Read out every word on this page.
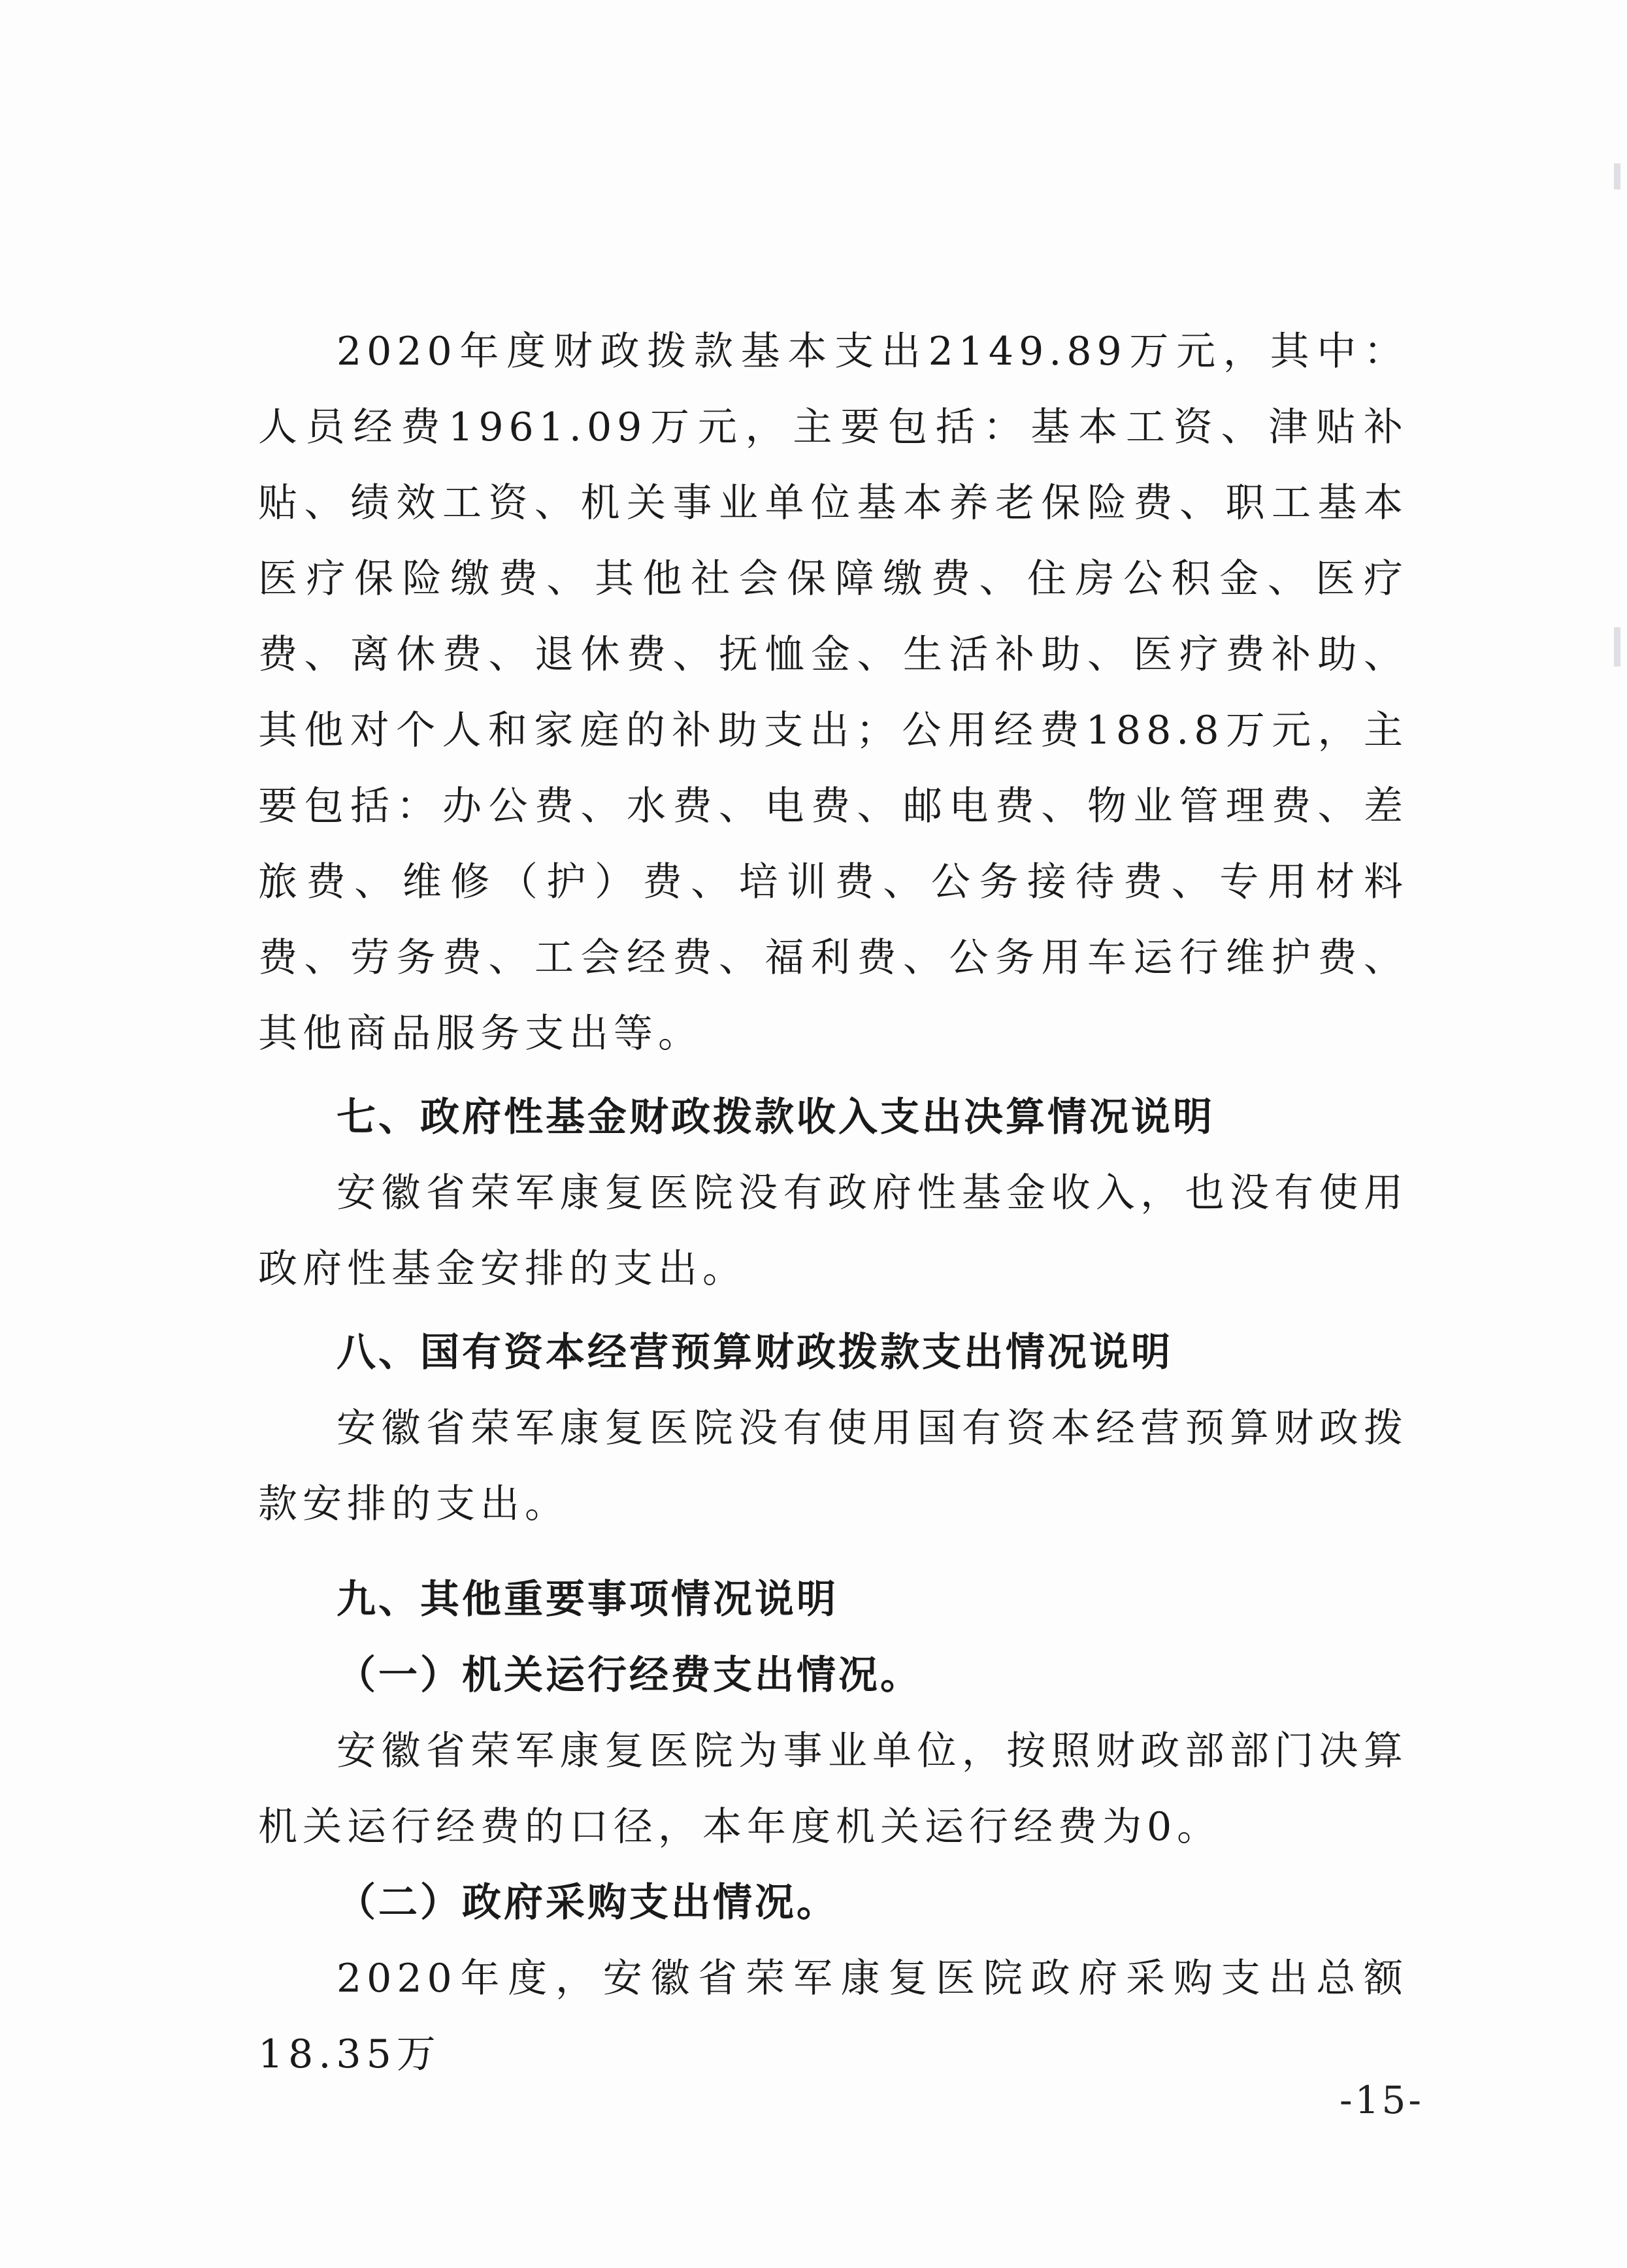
2020年度财政拨款基本支出2149.89万元，其中：人员经费1961.09万元，主要包括：基本工资、津贴补贴、绩效工资、机关事业单位基本养老保险费、职工基本医疗保险缴费、其他社会保障缴费、住房公积金、医疗费、离休费、退休费、抚恤金、生活补助、医疗费补助、其他对个人和家庭的补助支出；公用经费188.8万元，主要包括：办公费、水费、电费、邮电费、物业管理费、差旅费、维修（护）费、培训费、公务接待费、专用材料费、劳务费、工会经费、福利费、公务用车运行维护费、其他商品服务支出等。

七、政府性基金财政拨款收入支出决算情况说明

安徽省荣军康复医院没有政府性基金收入，也没有使用政府性基金安排的支出。

八、国有资本经营预算财政拨款支出情况说明

安徽省荣军康复医院没有使用国有资本经营预算财政拨款安排的支出。

九、其他重要事项情况说明

（一）机关运行经费支出情况。

安徽省荣军康复医院为事业单位，按照财政部部门决算机关运行经费的口径，本年度机关运行经费为0。

（二）政府采购支出情况。

2020年度，安徽省荣军康复医院政府采购支出总额18.35万

-15-
